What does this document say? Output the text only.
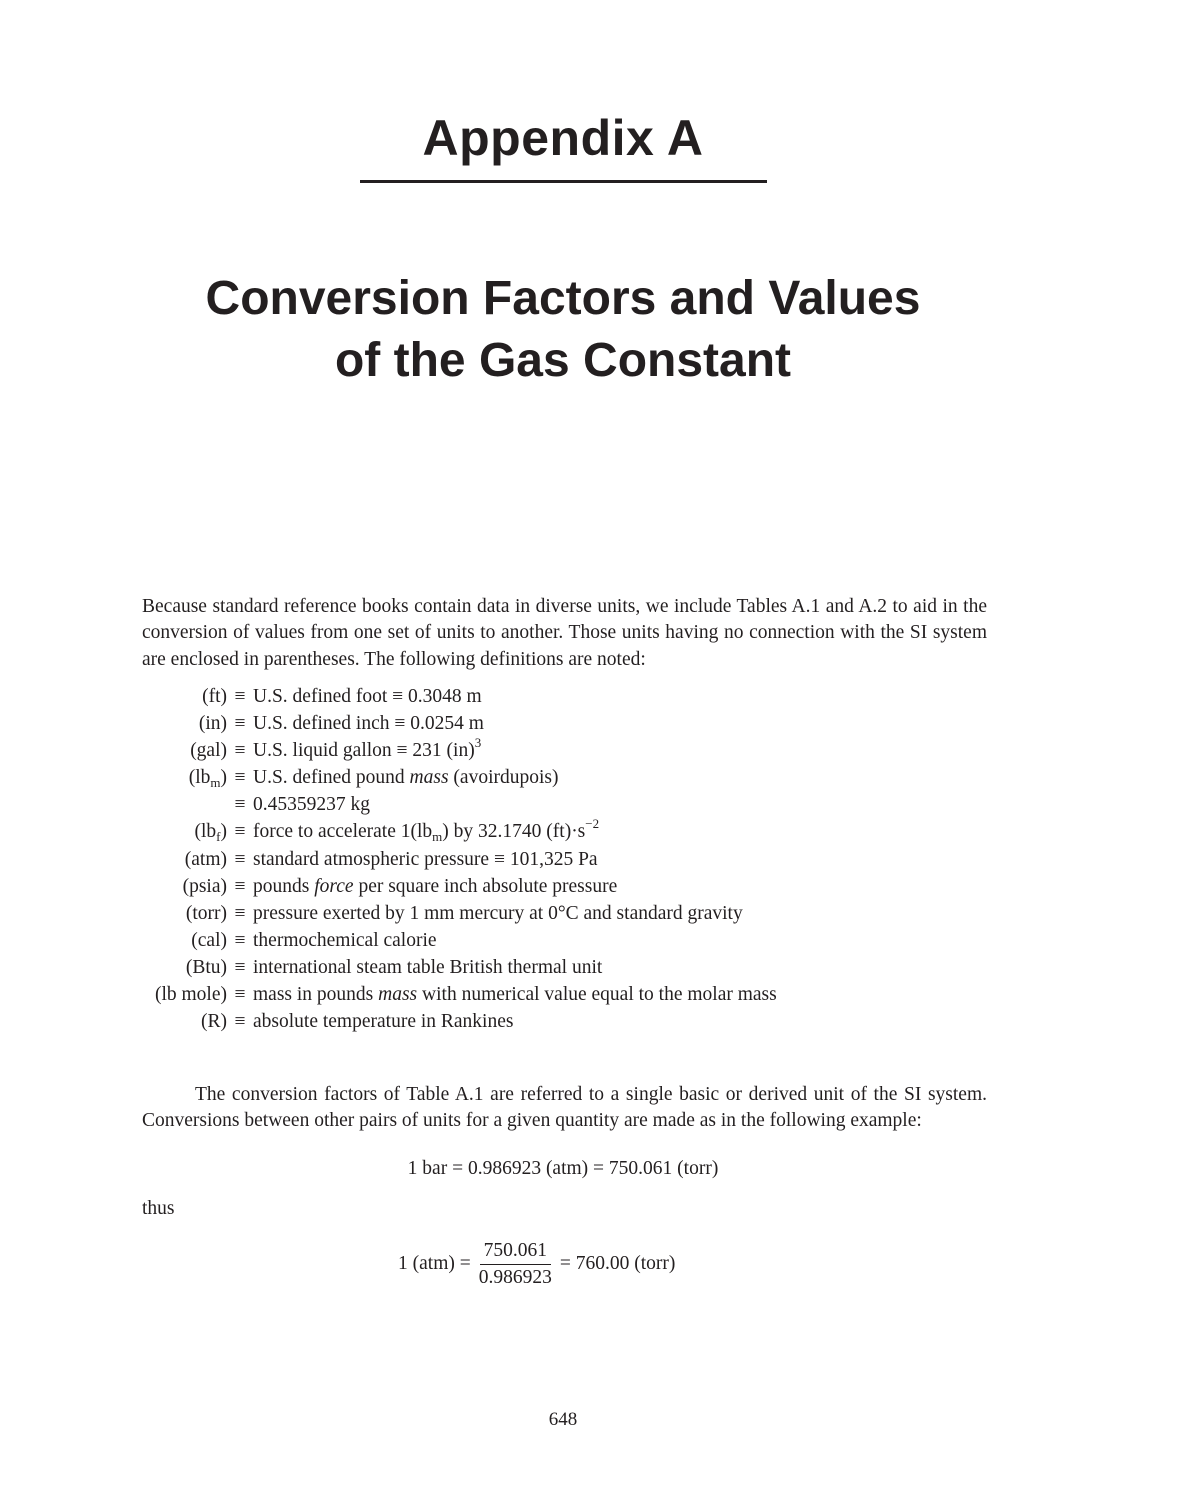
Appendix A
Conversion Factors and Values
of the Gas Constant

Because standard reference books contain data in diverse units, we include Tables A.1 and A.2 to aid in the conversion of values from one set of units to another. Those units having no connection with the SI system are enclosed in parentheses. The following definitions are noted:

(ft) ≡ U.S. defined foot ≡ 0.3048 m
(in) ≡ U.S. defined inch ≡ 0.0254 m
(gal) ≡ U.S. liquid gallon ≡ 231 (in)$^3$
$(lb_m) \equiv U.S$. defined pound mass (avoirdupois)
≡ 0.45359237 kg
$(lb_f)$ ≡ force to accelerate $1(lb_m)$ by 32.1740 $(ft)\cdot s^{-2}$
(atm) ≡ standard atmospheric pressure ≡ 101,325 Pa
(psia) ≡ pounds force per square inch absolute pressure
(torr) ≡ pressure exerted by 1 mm mercury at 0°C and standard gravity
(cal) ≡ thermochemical calorie
(Btu) ≡ international steam table British thermal unit
(lb mole) ≡ mass in pounds mass with numerical value equal to the molar mass
(R) ≡ absolute temperature in Rankines

The conversion factors of Table A.1 are referred to a single basic or derived unit of the SI system. Conversions between other pairs of units for a given quantity are made as in the following example:

1 bar = 0.986923 (atm) = 750.061 (torr)
thus
1 $(atm) = \frac{750.061}{0.986923} = 760.00$ (torr)
648
